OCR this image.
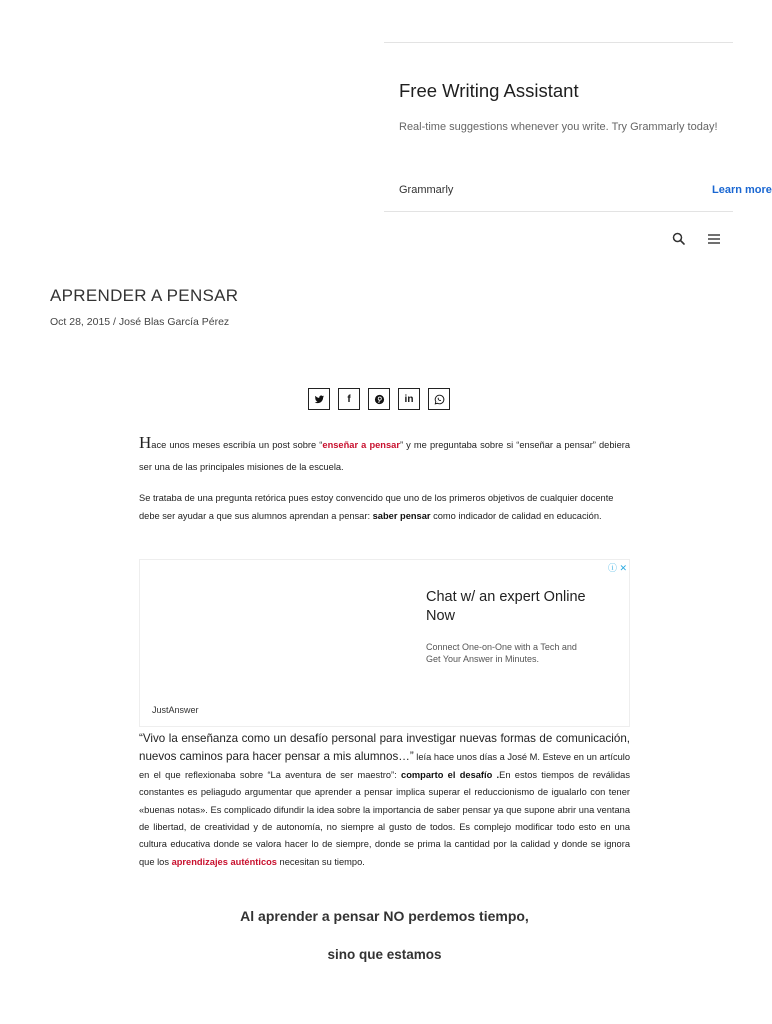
Free Writing Assistant
Real-time suggestions whenever you write. Try Grammarly today!
Grammarly	Learn more
APRENDER A PENSAR
Oct 28, 2015 / José Blas García Pérez
f	in
Hace unos meses escribía un post sobre “enseñar a pensar” y me preguntaba sobre si “enseñar a pensar” debiera ser una de las principales misiones de la escuela.
Se trataba de una pregunta retórica pues estoy convencido que uno de los primeros objetivos de cualquier docente debe ser ayudar a que sus alumnos aprendan a pensar: saber pensar como indicador de calidad en educación.
ⓘ ✕
Chat w/ an expert Online Now
Connect One-on-One with a Tech and Get Your Answer in Minutes.
JustAnswer
“Vivo la enseñanza como un desafío personal para investigar nuevas formas de comunicación, nuevos caminos para hacer pensar a mis alumnos…” leía hace unos días a José M. Esteve en un artículo en el que reflexionaba sobre “La aventura de ser maestro”: comparto el desafío .En estos tiempos de reválidas constantes es peliagudo argumentar que aprender a pensar implica superar el reduccionismo de igualarlo con tener «buenas notas». Es complicado difundir la idea sobre la importancia de saber pensar ya que supone abrir una ventana de libertad, de creatividad y de autonomía, no siempre al gusto de todos. Es complejo modificar todo esto en una cultura educativa donde se valora hacer lo de siempre, donde se prima la cantidad por la calidad y donde se ignora que los aprendizajes auténticos necesitan su tiempo.
Al aprender a pensar NO perdemos tiempo,
sino que estamos
